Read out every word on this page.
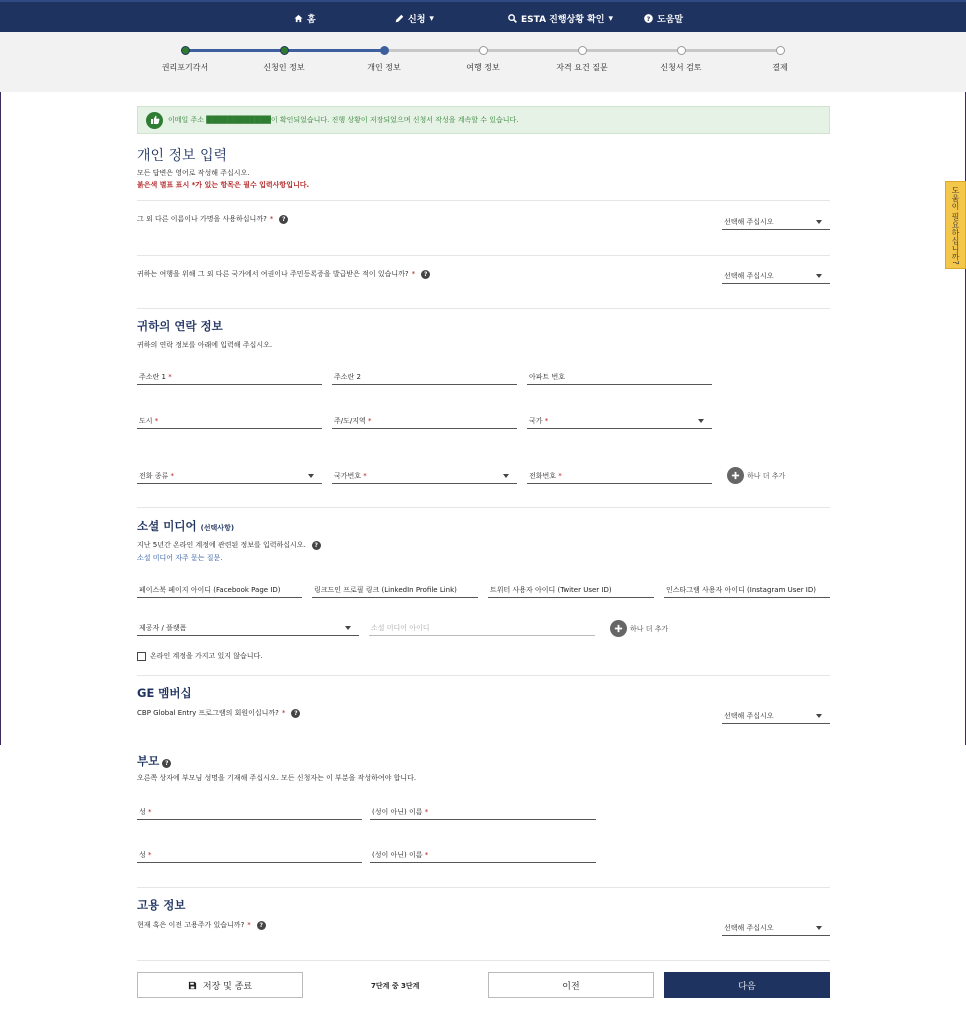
홈	신청 ▾	ESTA 진행상황 확인 ▾	? 도움말
권리포기각서	신청인 정보	개인 정보	여행 정보	자격 요건 질문	신청서 검토	결제
도움이 필요하십니까?
이메일 주소 ████████████이 확인되었습니다. 진행 상황이 저장되었으며 신청서 작성을 계속할 수 있습니다.
개인 정보 입력
모든 답변은 영어로 작성해 주십시오.
붉은색 별표 표시 *가 있는 항목은 필수 입력사항입니다.
그 외 다른 이름이나 가명을 사용하십니까? *	?	선택해 주십시오
귀하는 여행을 위해 그 외 다른 국가에서 여권이나 주민등록증을 발급받은 적이 있습니까? *	?	선택해 주십시오
귀하의 연락 정보
귀하의 연락 정보를 아래에 입력해 주십시오.
주소란 1 *	주소란 2	아파트 번호
도시 *	주/도/지역 *	국가 *
전화 종류 *	국가번호 *	전화번호 *	하나 더 추가
소셜 미디어 (선택사항)
지난 5년간 온라인 계정에 관련된 정보를 입력하십시오.	?
소셜 미디어 자주 묻는 질문.
페이스북 페이지 아이디 (Facebook Page ID)	링크드인 프로필 링크 (LinkedIn Profile Link)	트위터 사용자 아이디 (Twiter User ID)	인스타그램 사용자 아이디 (Instagram User ID)
제공자 / 플랫폼	소셜 미디어 아이디	하나 더 추가
온라인 계정을 가지고 있지 않습니다.
GE 멤버십
CBP Global Entry 프로그램의 회원이십니까? *	?	선택해 주십시오
부모 ?
오른쪽 상자에 부모님 성명을 기재해 주십시오. 모든 신청자는 이 부분을 작성하여야 합니다.
성 *	(성이 아닌) 이름 *
성 *	(성이 아닌) 이름 *
고용 정보
현재 혹은 이전 고용주가 있습니까? *	?	선택해 주십시오
저장 및 종료	7단계 중 3단계	이전	다음
